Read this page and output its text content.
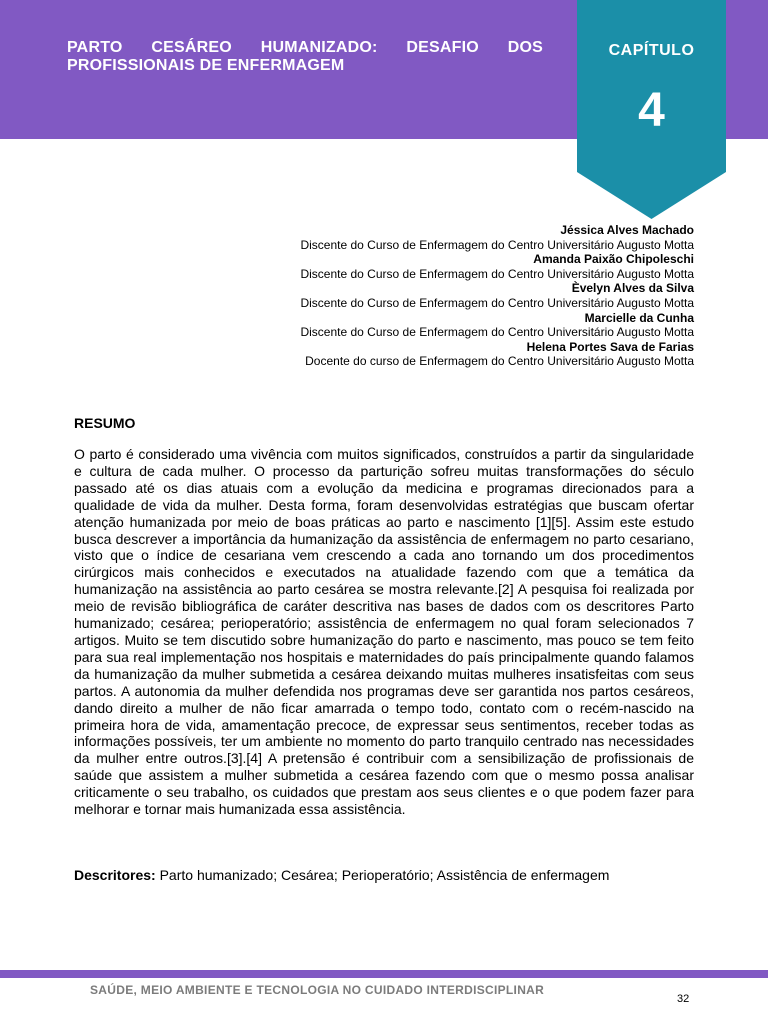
PARTO CESÁREO HUMANIZADO: DESAFIO DOS PROFISSIONAIS DE ENFERMAGEM
CAPÍTULO
4
Jéssica Alves Machado
Discente do Curso de Enfermagem do Centro Universitário Augusto Motta
Amanda Paixão Chipoleschi
Discente do Curso de Enfermagem do Centro Universitário Augusto Motta
Èvelyn Alves da Silva
Discente do Curso de Enfermagem do Centro Universitário Augusto Motta
Marcielle da Cunha
Discente do Curso de Enfermagem do Centro Universitário Augusto Motta
Helena Portes Sava de Farias
Docente do curso de Enfermagem do Centro Universitário Augusto Motta
RESUMO

O parto é considerado uma vivência com muitos significados, construídos a partir da singularidade e cultura de cada mulher. O processo da parturição sofreu muitas transformações do século passado até os dias atuais com a evolução da medicina e programas direcionados para a qualidade de vida da mulher. Desta forma, foram desenvolvidas estratégias que buscam ofertar atenção humanizada por meio de boas práticas ao parto e nascimento [1][5]. Assim este estudo busca descrever a importância da humanização da assistência de enfermagem no parto cesariano, visto que o índice de cesariana vem crescendo a cada ano tornando um dos procedimentos cirúrgicos mais conhecidos e executados na atualidade fazendo com que a temática da humanização na assistência ao parto cesárea se mostra relevante.[2] A pesquisa foi realizada por meio de revisão bibliográfica de caráter descritiva nas bases de dados com os descritores Parto humanizado; cesárea; perioperatório; assistência de enfermagem no qual foram selecionados 7 artigos. Muito se tem discutido sobre humanização do parto e nascimento, mas pouco se tem feito para sua real implementação nos hospitais e maternidades do país principalmente quando falamos da humanização da mulher submetida a cesárea deixando muitas mulheres insatisfeitas com seus partos. A autonomia da mulher defendida nos programas deve ser garantida nos partos cesáreos, dando direito a mulher de não ficar amarrada o tempo todo, contato com o recém-nascido na primeira hora de vida, amamentação precoce, de expressar seus sentimentos, receber todas as informações possíveis, ter um ambiente no momento do parto tranquilo centrado nas necessidades da mulher entre outros.[3].[4] A pretensão é contribuir com a sensibilização de profissionais de saúde que assistem a mulher submetida a cesárea fazendo com que o mesmo possa analisar criticamente o seu trabalho, os cuidados que prestam aos seus clientes e o que podem fazer para melhorar e tornar mais humanizada essa assistência.

Descritores: Parto humanizado; Cesárea; Perioperatório; Assistência de enfermagem
SAÚDE, MEIO AMBIENTE E TECNOLOGIA NO CUIDADO INTERDISCIPLINAR
32
